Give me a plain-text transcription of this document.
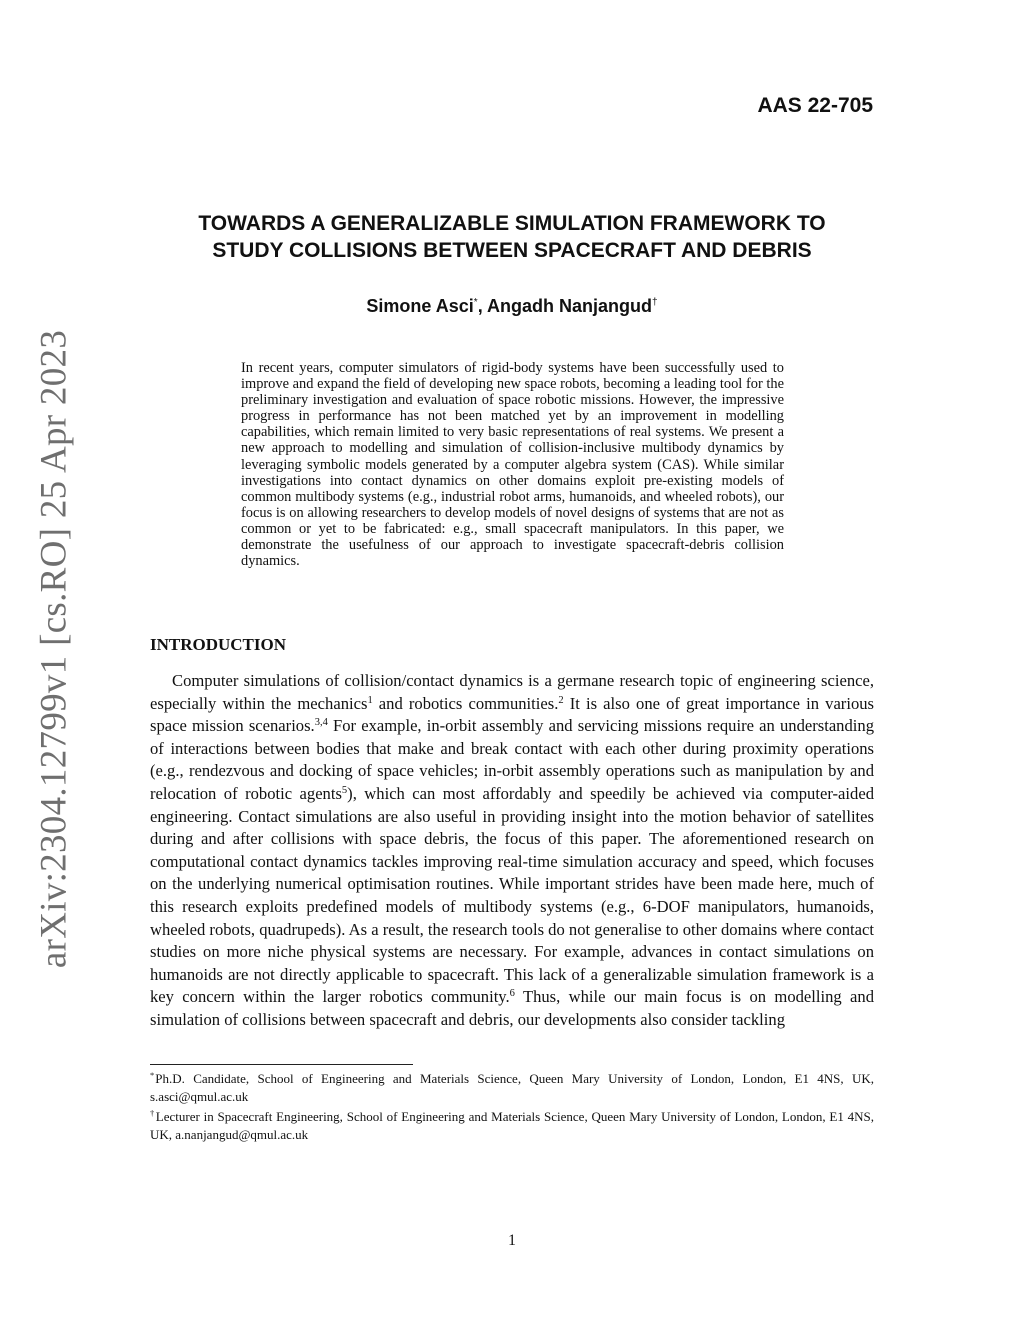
arXiv:2304.12799v1 [cs.RO] 25 Apr 2023

AAS 22-705

TOWARDS A GENERALIZABLE SIMULATION FRAMEWORK TO
STUDY COLLISIONS BETWEEN SPACECRAFT AND DEBRIS

Simone Asci*, Angadh Nanjangud†

In recent years, computer simulators of rigid-body systems have been successfully used to improve and expand the field of developing new space robots, becoming a leading tool for the preliminary investigation and evaluation of space robotic missions. However, the impressive progress in performance has not been matched yet by an improvement in modelling capabilities, which remain limited to very basic representations of real systems. We present a new approach to modelling and simulation of collision-inclusive multibody dynamics by leveraging symbolic models generated by a computer algebra system (CAS). While similar investigations into contact dynamics on other domains exploit pre-existing models of common multibody systems (e.g., industrial robot arms, humanoids, and wheeled robots), our focus is on allowing researchers to develop models of novel designs of systems that are not as common or yet to be fabricated: e.g., small spacecraft manipulators. In this paper, we demonstrate the usefulness of our approach to investigate spacecraft-debris collision dynamics.

INTRODUCTION

Computer simulations of collision/contact dynamics is a germane research topic of engineering science, especially within the mechanics$^1$ and robotics communities.$^2$ It is also one of great importance in various space mission scenarios.$^{3,4}$ For example, in-orbit assembly and servicing missions require an understanding of interactions between bodies that make and break contact with each other during proximity operations (e.g., rendezvous and docking of space vehicles; in-orbit assembly operations such as manipulation by and relocation of robotic agents$^5$), which can most affordably and speedily be achieved via computer-aided engineering. Contact simulations are also useful in providing insight into the motion behavior of satellites during and after collisions with space debris, the focus of this paper. The aforementioned research on computational contact dynamics tackles improving real-time simulation accuracy and speed, which focuses on the underlying numerical optimisation routines. While important strides have been made here, much of this research exploits predefined models of multibody systems (e.g., 6-DOF manipulators, humanoids, wheeled robots, quadrupeds). As a result, the research tools do not generalise to other domains where contact studies on more niche physical systems are necessary. For example, advances in contact simulations on humanoids are not directly applicable to spacecraft. This lack of a generalizable simulation framework is a key concern within the larger robotics community.$^6$ Thus, while our main focus is on modelling and simulation of collisions between spacecraft and debris, our developments also consider tackling

*Ph.D. Candidate, School of Engineering and Materials Science, Queen Mary University of London, London, E1 4NS, UK, s.asci@qmul.ac.uk

†Lecturer in Spacecraft Engineering, School of Engineering and Materials Science, Queen Mary University of London, London, E1 4NS, UK, a.nanjangud@qmul.ac.uk

1
